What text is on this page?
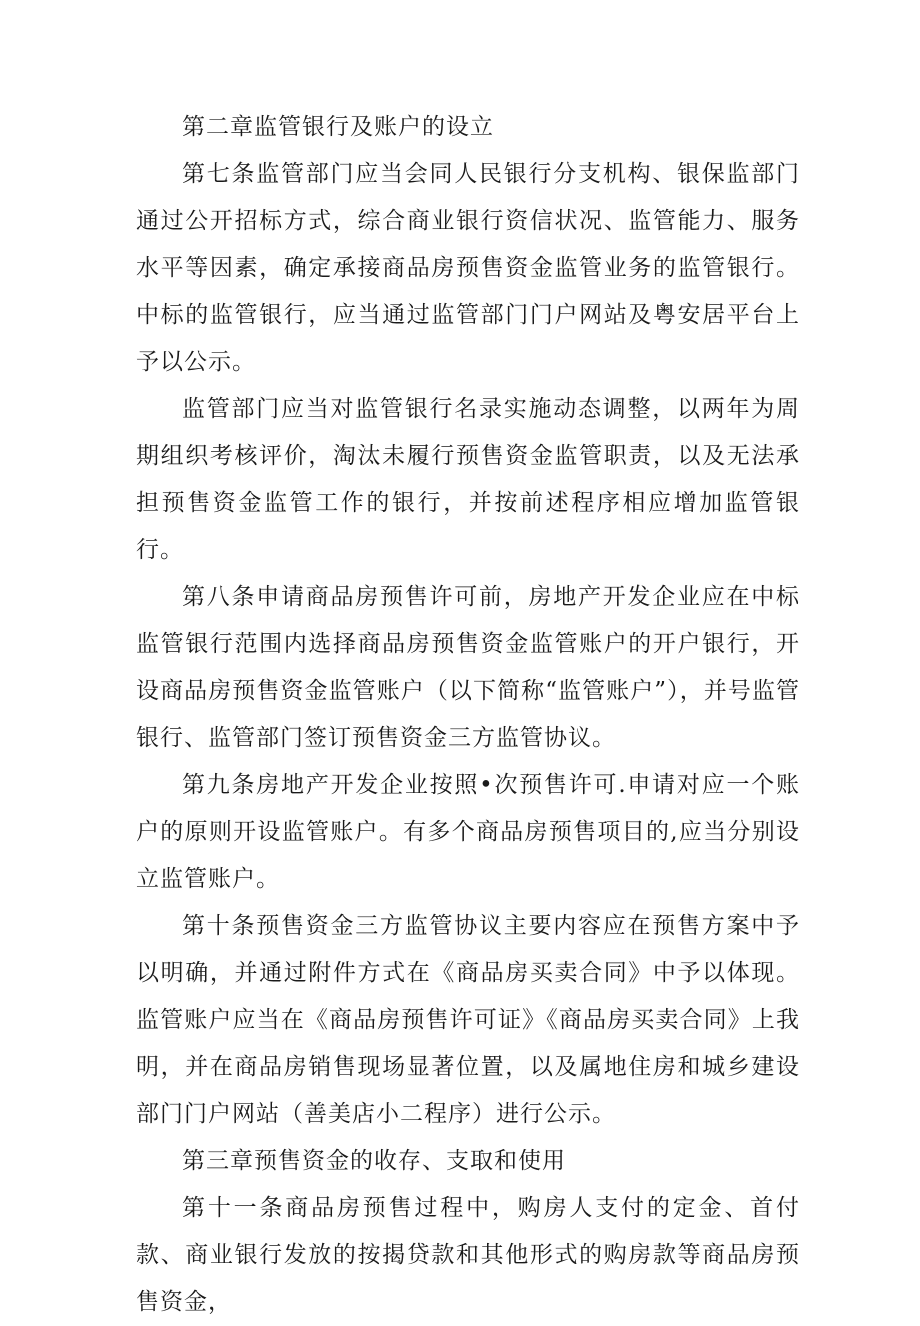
第二章监管银行及账户的设立

第七条监管部门应当会同人民银行分支机构、银保监部门通过公开招标方式，综合商业银行资信状况、监管能力、服务水平等因素，确定承接商品房预售资金监管业务的监管银行。中标的监管银行，应当通过监管部门门户网站及粤安居平台上予以公示。

监管部门应当对监管银行名录实施动态调整，以两年为周期组织考核评价，淘汰未履行预售资金监管职责，以及无法承担预售资金监管工作的银行，并按前述程序相应增加监管银行。

第八条申请商品房预售许可前，房地产开发企业应在中标监管银行范围内选择商品房预售资金监管账户的开户银行，开设商品房预售资金监管账户（以下简称“监管账户”），并号监管银行、监管部门签订预售资金三方监管协议。

第九条房地产开发企业按照•次预售许可.申请对应一个账户的原则开设监管账户。有多个商品房预售项目的,应当分别设立监管账户。

第十条预售资金三方监管协议主要内容应在预售方案中予以明确，并通过附件方式在《商品房买卖合同》中予以体现。监管账户应当在《商品房预售许可证》《商品房买卖合同》上我明，并在商品房销售现场显著位置，以及属地住房和城乡建设部门门户网站（善美店小二程序）进行公示。

第三章预售资金的收存、支取和使用

第十一条商品房预售过程中，购房人支付的定金、首付款、商业银行发放的按揭贷款和其他形式的购房款等商品房预售资金，
